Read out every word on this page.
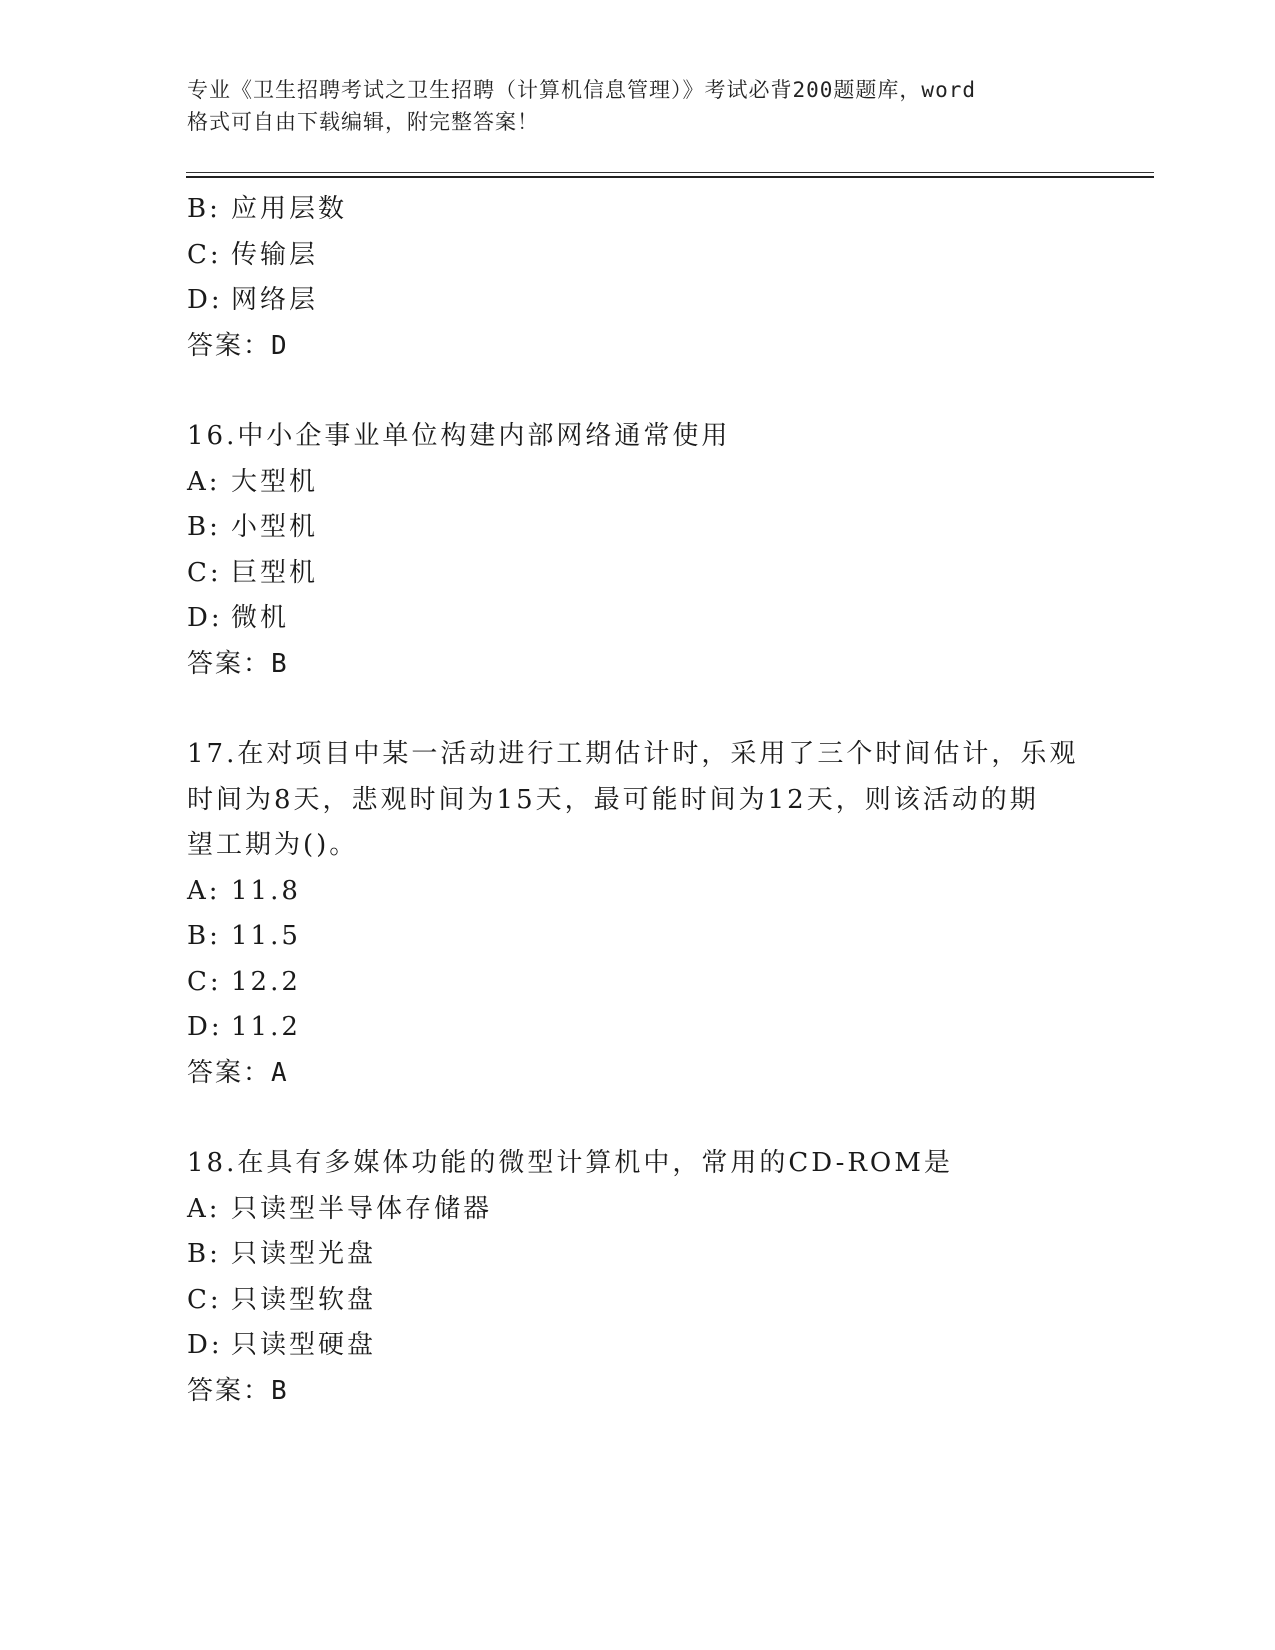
专业《卫生招聘考试之卫生招聘（计算机信息管理）》考试必背200题题库，word
格式可自由下载编辑，附完整答案！
B: 应用层数
C: 传输层
D: 网络层
答案：D
16.中小企事业单位构建内部网络通常使用
A: 大型机
B: 小型机
C: 巨型机
D: 微机
答案：B
17.在对项目中某一活动进行工期估计时，采用了三个时间估计，乐观
时间为8天，悲观时间为15天，最可能时间为12天，则该活动的期
望工期为()。
A: 11.8
B: 11.5
C: 12.2
D: 11.2
答案：A
18.在具有多媒体功能的微型计算机中，常用的CD-ROM是
A: 只读型半导体存储器
B: 只读型光盘
C: 只读型软盘
D: 只读型硬盘
答案：B
